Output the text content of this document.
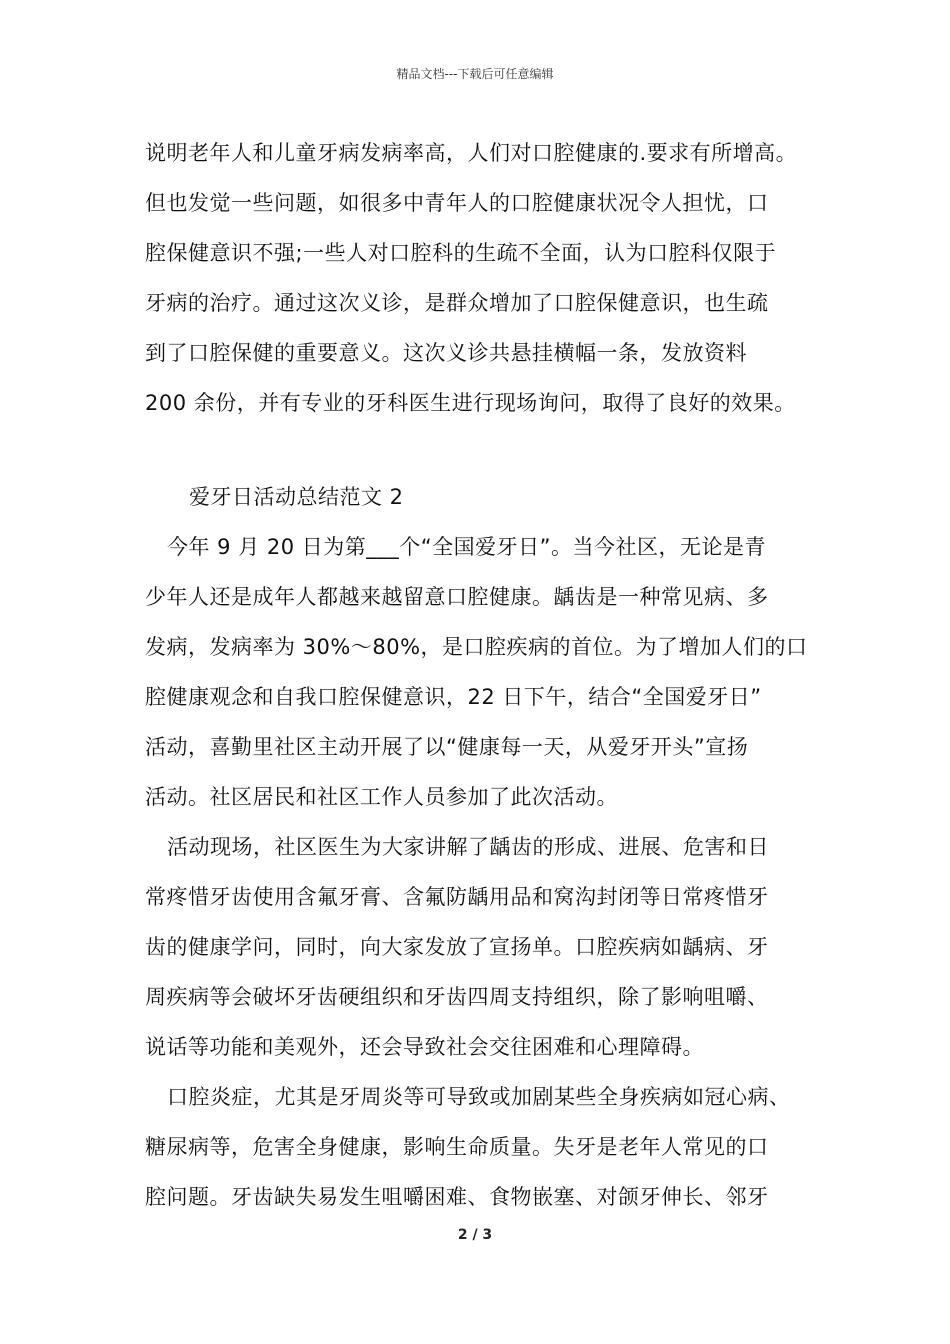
精品文档---下载后可任意编辑
说明老年人和儿童牙病发病率高，人们对口腔健康的.要求有所增高。
但也发觉一些问题，如很多中青年人的口腔健康状况令人担忧，口
腔保健意识不强;一些人对口腔科的生疏不全面，认为口腔科仅限于
牙病的治疗。通过这次义诊，是群众增加了口腔保健意识，也生疏
到了口腔保健的重要意义。这次义诊共悬挂横幅一条，发放资料
200 余份，并有专业的牙科医生进行现场询问，取得了良好的效果。
爱牙日活动总结范文 2
今年 9 月 20 日为第___个“全国爱牙日”。当今社区，无论是青
少年人还是成年人都越来越留意口腔健康。龋齿是一种常见病、多
发病，发病率为 30%～80%，是口腔疾病的首位。为了增加人们的口
腔健康观念和自我口腔保健意识，22 日下午，结合“全国爱牙日”
活动，喜勤里社区主动开展了以“健康每一天，从爱牙开头”宣扬
活动。社区居民和社区工作人员参加了此次活动。
活动现场，社区医生为大家讲解了龋齿的形成、进展、危害和日
常疼惜牙齿使用含氟牙膏、含氟防龋用品和窝沟封闭等日常疼惜牙
齿的健康学问，同时，向大家发放了宣扬单。口腔疾病如龋病、牙
周疾病等会破坏牙齿硬组织和牙齿四周支持组织，除了影响咀嚼、
说话等功能和美观外，还会导致社会交往困难和心理障碍。
口腔炎症，尤其是牙周炎等可导致或加剧某些全身疾病如冠心病、
糖尿病等，危害全身健康，影响生命质量。失牙是老年人常见的口
腔问题。牙齿缺失易发生咀嚼困难、食物嵌塞、对颌牙伸长、邻牙
2 / 3
